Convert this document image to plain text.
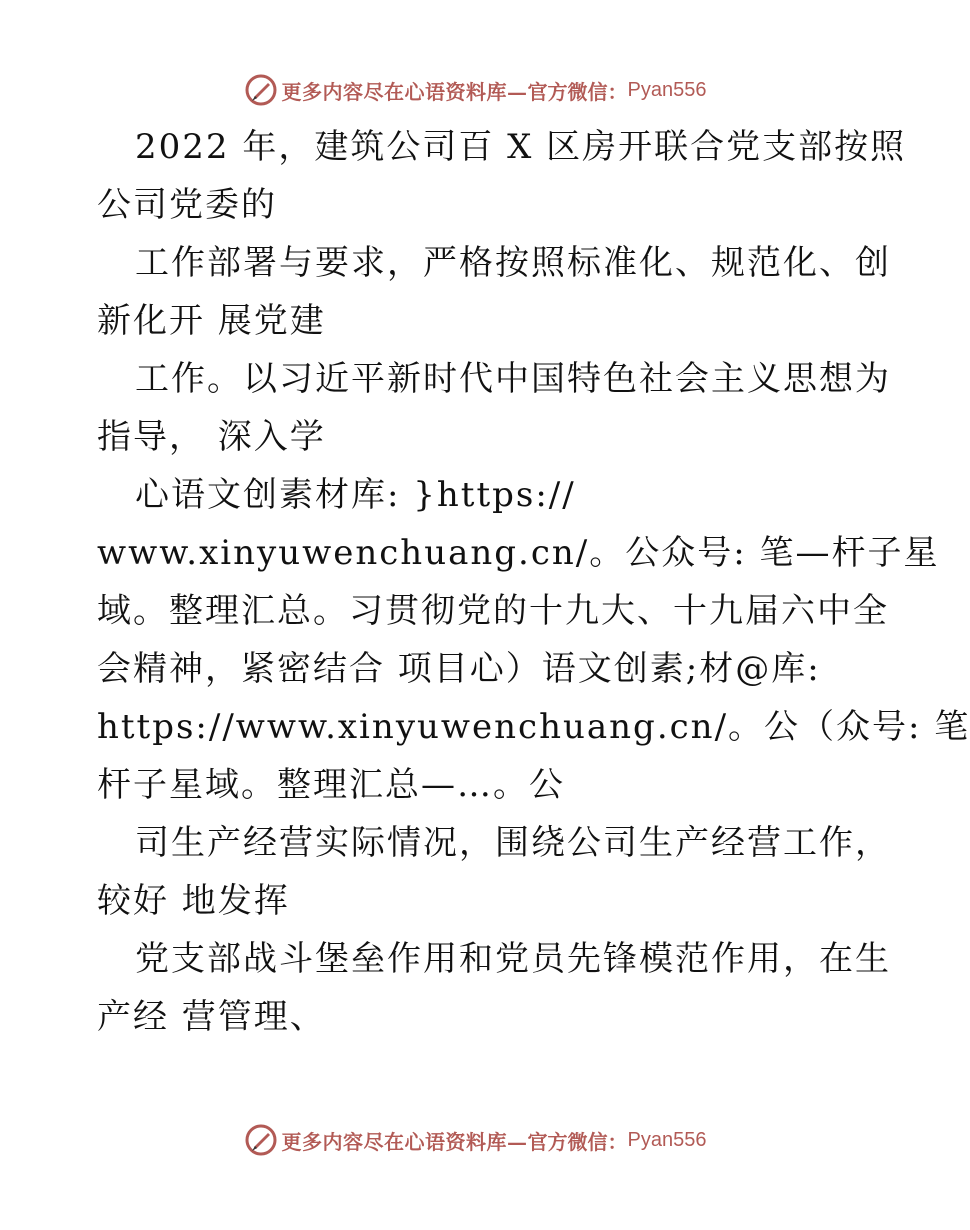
更多内容尽在心语资料库— 官方微信： Pyan556
2022 年，建筑公司百 X 区房开联合党支部按照
公司党委的
工作部署与要求，严格按照标准化、规范化、创
新化开 展党建
工作。以习近平新时代中国特色社会主义思想为
指导， 深入学
心语文创素材库: }https://
www.xinyuwenchuang.cn/。公众号: 笔—杆子星
域。整理汇总。习贯彻党的十九大、十九届六中全
会精神，紧密结合 项目心）语文创素;材@库:
https://www.xinyuwenchuang.cn/。公（众号: 笔
杆子星域。整理汇总—…。公
司生产经营实际情况，围绕公司生产经营工作，
较好 地发挥
党支部战斗堡垒作用和党员先锋模范作用，在生
产经 营管理、
更多内容尽在心语资料库— 官方微信： Pyan556
